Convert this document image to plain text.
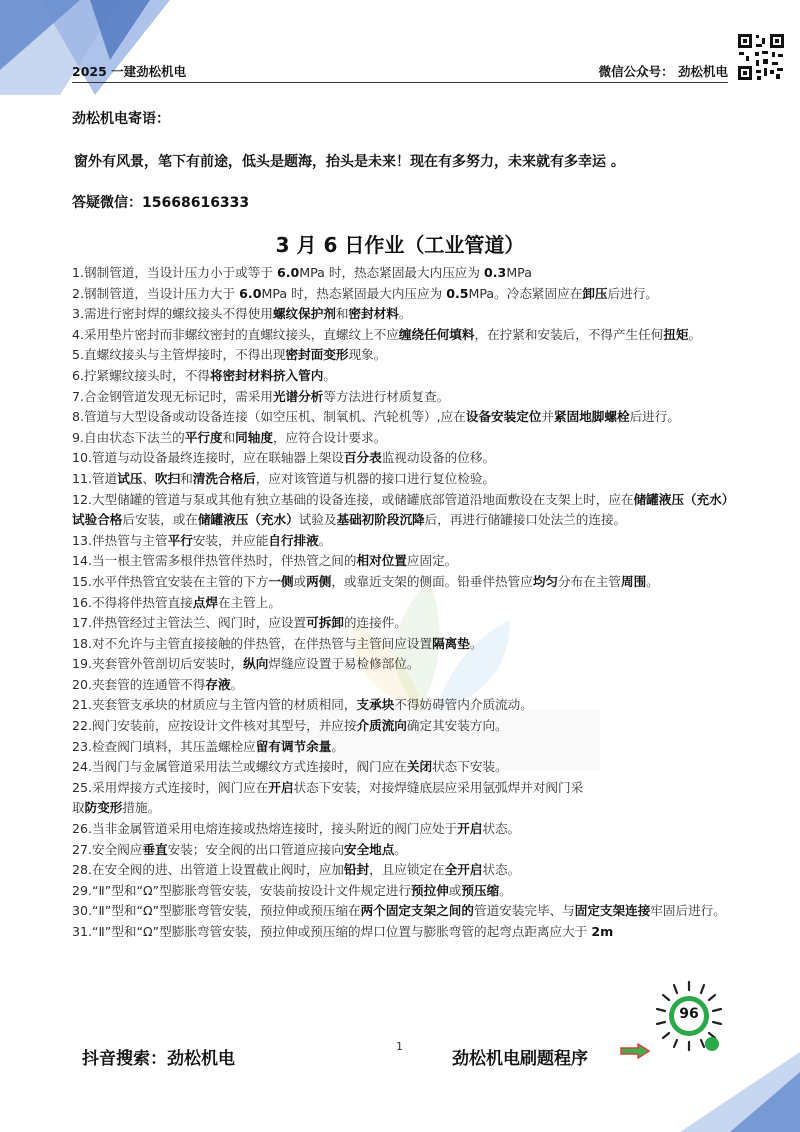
2025 一建劲松机电	微信公众号： 劲松机电
劲松机电寄语：
窗外有风景，笔下有前途，低头是题海，抬头是未来！现在有多努力，未来就有多幸运 。
答疑微信：15668616333
3 月 6 日作业（工业管道）
1.钢制管道，当设计压力小于或等于 6.0MPa 时，热态紧固最大内压应为 0.3MPa
2.钢制管道，当设计压力大于 6.0MPa 时，热态紧固最大内压应为 0.5MPa。冷态紧固应在卸压后进行。
3.需进行密封焊的螺纹接头不得使用螺纹保护剂和密封材料。
4.采用垫片密封而非螺纹密封的直螺纹接头，直螺纹上不应缠绕任何填料，在拧紧和安装后，不得产生任何扭矩。
5.直螺纹接头与主管焊接时，不得出现密封面变形现象。
6.拧紧螺纹接头时，不得将密封材料挤入管内。
7.合金钢管道发现无标记时，需采用光谱分析等方法进行材质复查。
8.管道与大型设备或动设备连接（如空压机、制氧机、汽轮机等）,应在设备安装定位并紧固地脚螺栓后进行。
9.自由状态下法兰的平行度和同轴度，应符合设计要求。
10.管道与动设备最终连接时，应在联轴器上架设百分表监视动设备的位移。
11.管道试压、吹扫和清洗合格后，应对该管道与机器的接口进行复位检验。
12.大型储罐的管道与泵或其他有独立基础的设备连接，或储罐底部管道沿地面敷设在支架上时，应在储罐液压（充水）试验合格后安装，或在储罐液压（充水）试验及基础初阶段沉降后，再进行储罐接口处法兰的连接。
13.伴热管与主管平行安装，并应能自行排液。
14.当一根主管需多根伴热管伴热时，伴热管之间的相对位置应固定。
15.水平伴热管宜安装在主管的下方一侧或两侧，或靠近支架的侧面。铅垂伴热管应均匀分布在主管周围。
16.不得将伴热管直接点焊在主管上。
17.伴热管经过主管法兰、阀门时，应设置可拆卸的连接件。
18.对不允许与主管直接接触的伴热管，在伴热管与主管间应设置隔离垫。
19.夹套管外管剖切后安装时，纵向焊缝应设置于易检修部位。
20.夹套管的连通管不得存液。
21.夹套管支承块的材质应与主管内管的材质相同，支承块不得妨碍管内介质流动。
22.阀门安装前，应按设计文件核对其型号，并应按介质流向确定其安装方向。
23.检查阀门填料，其压盖螺栓应留有调节余量。
24.当阀门与金属管道采用法兰或螺纹方式连接时，阀门应在关闭状态下安装。
25.采用焊接方式连接时，阀门应在开启状态下安装，对接焊缝底层应采用氩弧焊并对阀门采
取防变形措施。
26.当非金属管道采用电熔连接或热熔连接时，接头附近的阀门应处于开启状态。
27.安全阀应垂直安装；安全阀的出口管道应接向安全地点。
28.在安全阀的进、出管道上设置截止阀时，应加铅封，且应锁定在全开启状态。
29.“Ⅱ”型和“Ω”型膨胀弯管安装，安装前按设计文件规定进行预拉伸或预压缩。
30.“Ⅱ”型和“Ω”型膨胀弯管安装，预拉伸或预压缩在两个固定支架之间的管道安装完毕、与固定支架连接牢固后进行。
31.“Ⅱ”型和“Ω”型膨胀弯管安装，预拉伸或预压缩的焊口位置与膨胀弯管的起弯点距离应大于 2m
抖音搜索：劲松机电
1
劲松机电刷题程序
96
